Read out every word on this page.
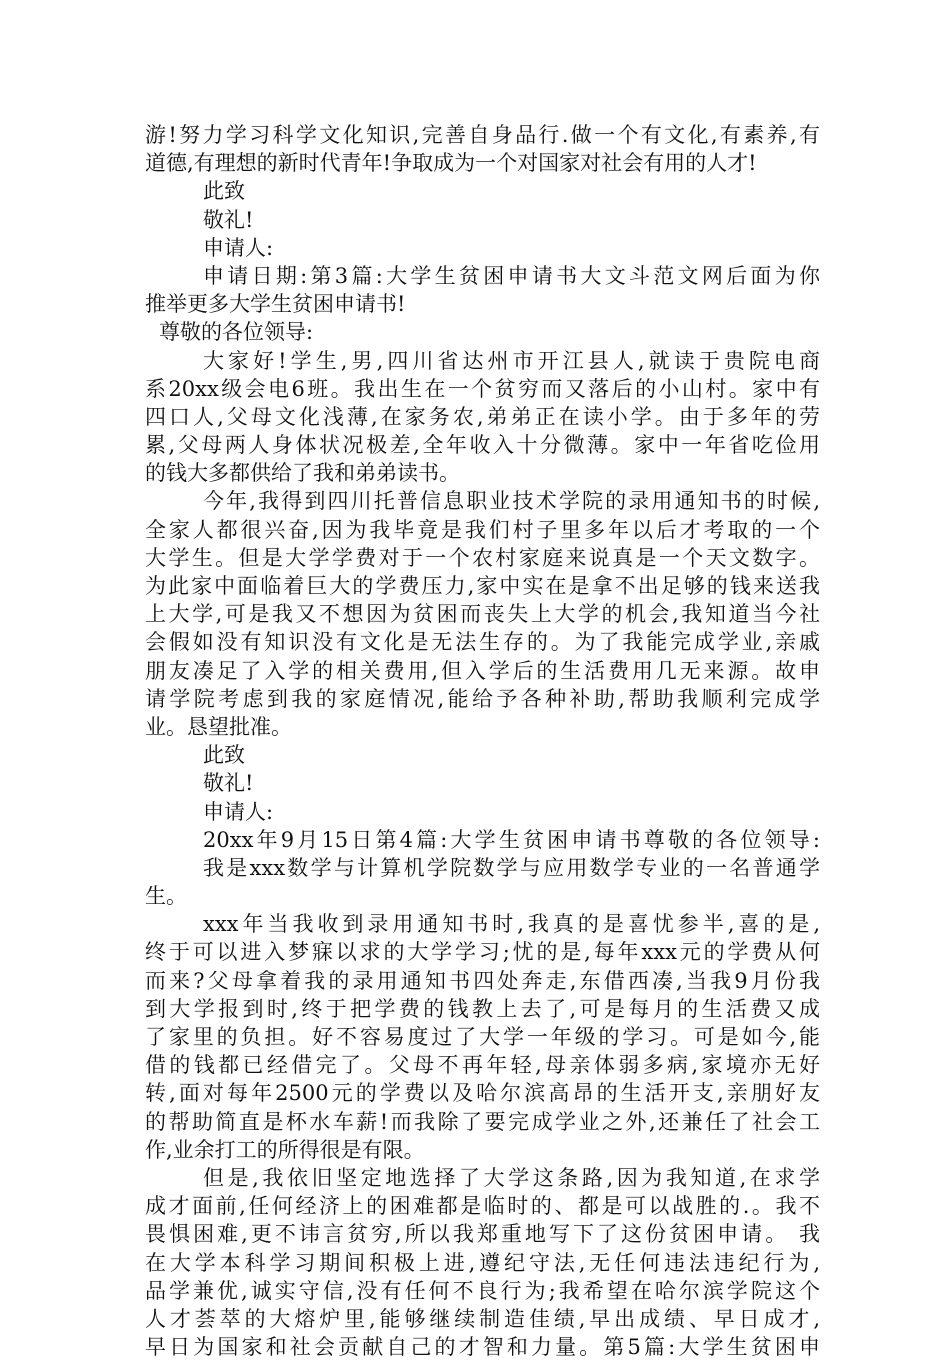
游!努力学习科学文化知识,完善自身品行.做一个有文化,有素养,有
道德,有理想的新时代青年!争取成为一个对国家对社会有用的人才!
此致
敬礼!
申请人:
申请日期:第3篇:大学生贫困申请书大文斗范文网后面为你
推举更多大学生贫困申请书!
尊敬的各位领导:
大家好!学生,男,四川省达州市开江县人,就读于贵院电商
系20xx级会电6班。我出生在一个贫穷而又落后的小山村。家中有
四口人,父母文化浅薄,在家务农,弟弟正在读小学。由于多年的劳
累,父母两人身体状况极差,全年收入十分微薄。家中一年省吃俭用
的钱大多都供给了我和弟弟读书。
今年,我得到四川托普信息职业技术学院的录用通知书的时候,
全家人都很兴奋,因为我毕竟是我们村子里多年以后才考取的一个
大学生。但是大学学费对于一个农村家庭来说真是一个天文数字。
为此家中面临着巨大的学费压力,家中实在是拿不出足够的钱来送我
上大学,可是我又不想因为贫困而丧失上大学的机会,我知道当今社
会假如没有知识没有文化是无法生存的。为了我能完成学业,亲戚
朋友凑足了入学的相关费用,但入学后的生活费用几无来源。故申
请学院考虑到我的家庭情况,能给予各种补助,帮助我顺利完成学
业。恳望批准。
此致
敬礼!
申请人:
20xx年9月15日第4篇:大学生贫困申请书尊敬的各位领导:
我是xxx数学与计算机学院数学与应用数学专业的一名普通学
生。
xxx年当我收到录用通知书时,我真的是喜忧参半,喜的是,
终于可以进入梦寐以求的大学学习;忧的是,每年xxx元的学费从何
而来?父母拿着我的录用通知书四处奔走,东借西凑,当我9月份我
到大学报到时,终于把学费的钱教上去了,可是每月的生活费又成
了家里的负担。好不容易度过了大学一年级的学习。可是如今,能
借的钱都已经借完了。父母不再年轻,母亲体弱多病,家境亦无好
转,面对每年2500元的学费以及哈尔滨高昂的生活开支,亲朋好友
的帮助简直是杯水车薪!而我除了要完成学业之外,还兼任了社会工
作,业余打工的所得很是有限。
但是,我依旧坚定地选择了大学这条路,因为我知道,在求学
成才面前,任何经济上的困难都是临时的、都是可以战胜的.。我不
畏惧困难,更不讳言贫穷,所以我郑重地写下了这份贫困申请。 我
在大学本科学习期间积极上进,遵纪守法,无任何违法违纪行为,
品学兼优,诚实守信,没有任何不良行为;我希望在哈尔滨学院这个
人才荟萃的大熔炉里,能够继续制造佳绩,早出成绩、早日成才,
早日为国家和社会贡献自己的才智和力量。第5篇:大学生贫困申
